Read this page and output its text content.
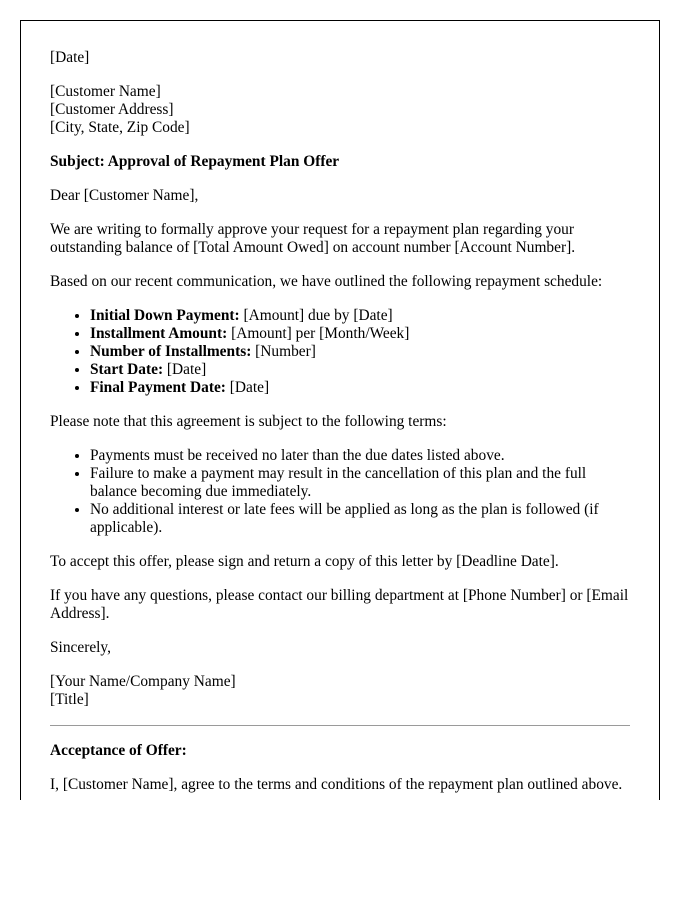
[Date]

[Customer Name]
[Customer Address]
[City, State, Zip Code]

Subject: Approval of Repayment Plan Offer

Dear [Customer Name],

We are writing to formally approve your request for a repayment plan regarding your outstanding balance of [Total Amount Owed] on account number [Account Number].

Based on our recent communication, we have outlined the following repayment schedule:

• Initial Down Payment: [Amount] due by [Date]
• Installment Amount: [Amount] per [Month/Week]
• Number of Installments: [Number]
• Start Date: [Date]
• Final Payment Date: [Date]

Please note that this agreement is subject to the following terms:

• Payments must be received no later than the due dates listed above.
• Failure to make a payment may result in the cancellation of this plan and the full balance becoming due immediately.
• No additional interest or late fees will be applied as long as the plan is followed (if applicable).

To accept this offer, please sign and return a copy of this letter by [Deadline Date].

If you have any questions, please contact our billing department at [Phone Number] or [Email Address].

Sincerely,

[Your Name/Company Name]
[Title]

Acceptance of Offer:

I, [Customer Name], agree to the terms and conditions of the repayment plan outlined above.
